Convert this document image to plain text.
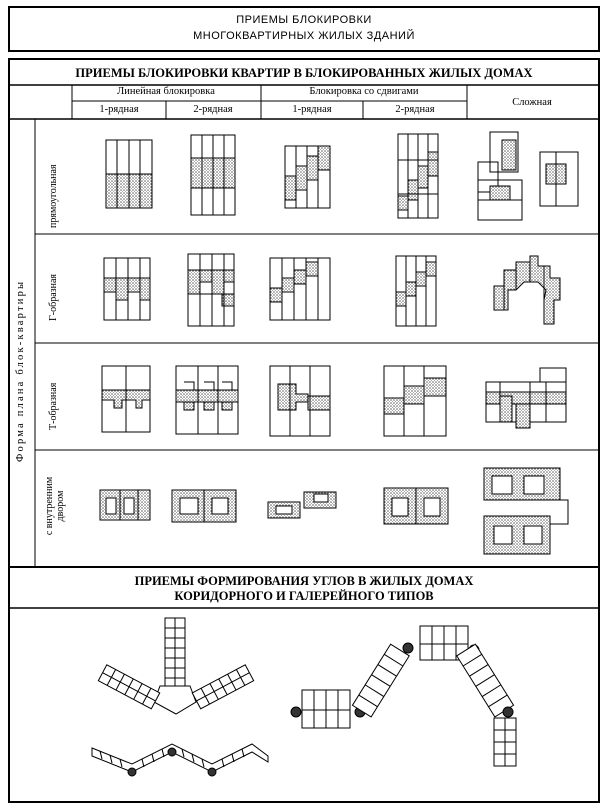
ПРИЕМЫ БЛОКИРОВКИ
МНОГОКВАРТИРНЫХ ЖИЛЫХ ЗДАНИЙ
ПРИЕМЫ БЛОКИРОВКИ КВАРТИР В БЛОКИРОВАННЫХ ЖИЛЫХ ДОМАХ
Линейная блокировка	Блокировка со сдвигами
Сложная
1-рядная	2-рядная	1-рядная	2-рядная
Форма плана блок-квартиры
прямоугольная
Г-образная
Т-образная
с внутренним двором
ПРИЕМЫ ФОРМИРОВАНИЯ УГЛОВ В ЖИЛЫХ ДОМАХ
КОРИДОРНОГО И ГАЛЕРЕЙНОГО ТИПОВ
